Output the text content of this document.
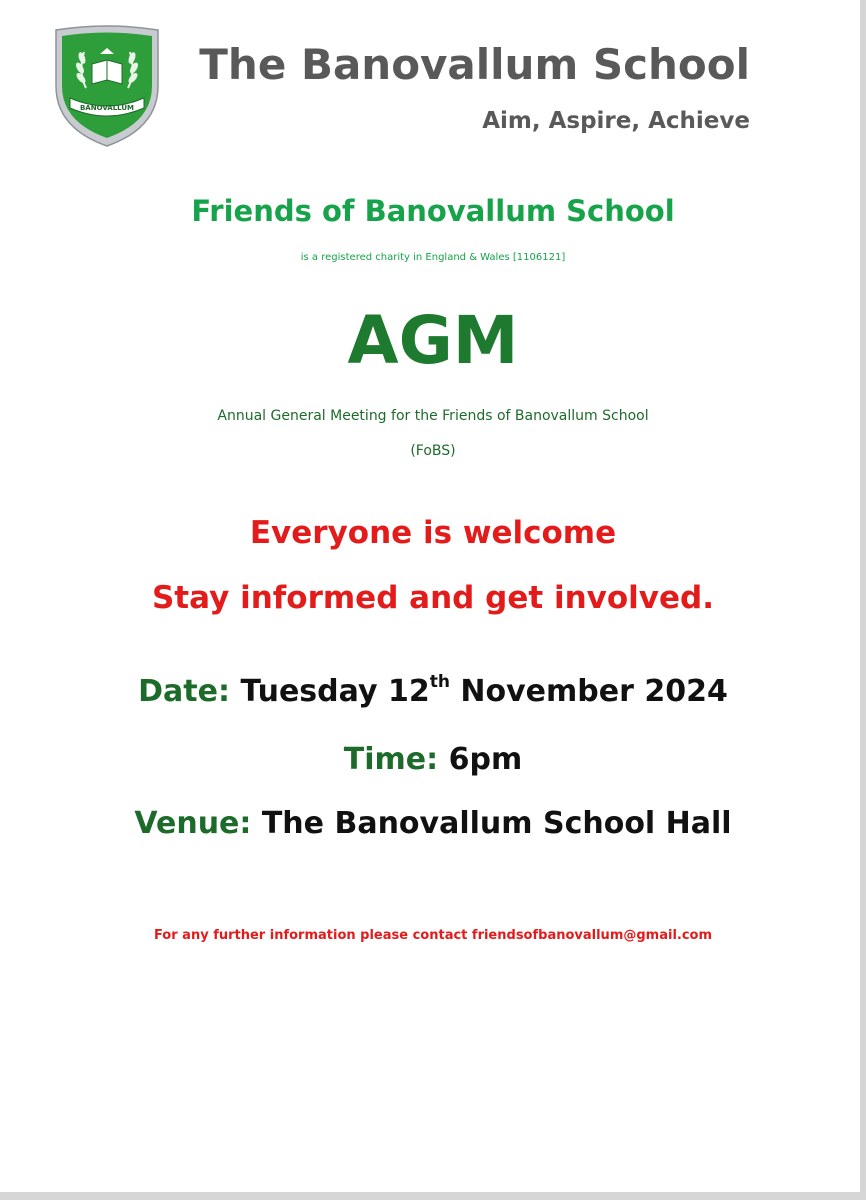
BANOVALLUM
The Banovallum School
Aim, Aspire, Achieve
Friends of Banovallum School
is a registered charity in England & Wales [1106121]
AGM
Annual General Meeting for the Friends of Banovallum School
(FoBS)
Everyone is welcome
Stay informed and get involved.
Date: Tuesday 12th November 2024
Time: 6pm
Venue: The Banovallum School Hall
For any further information please contact friendsofbanovallum@gmail.com
